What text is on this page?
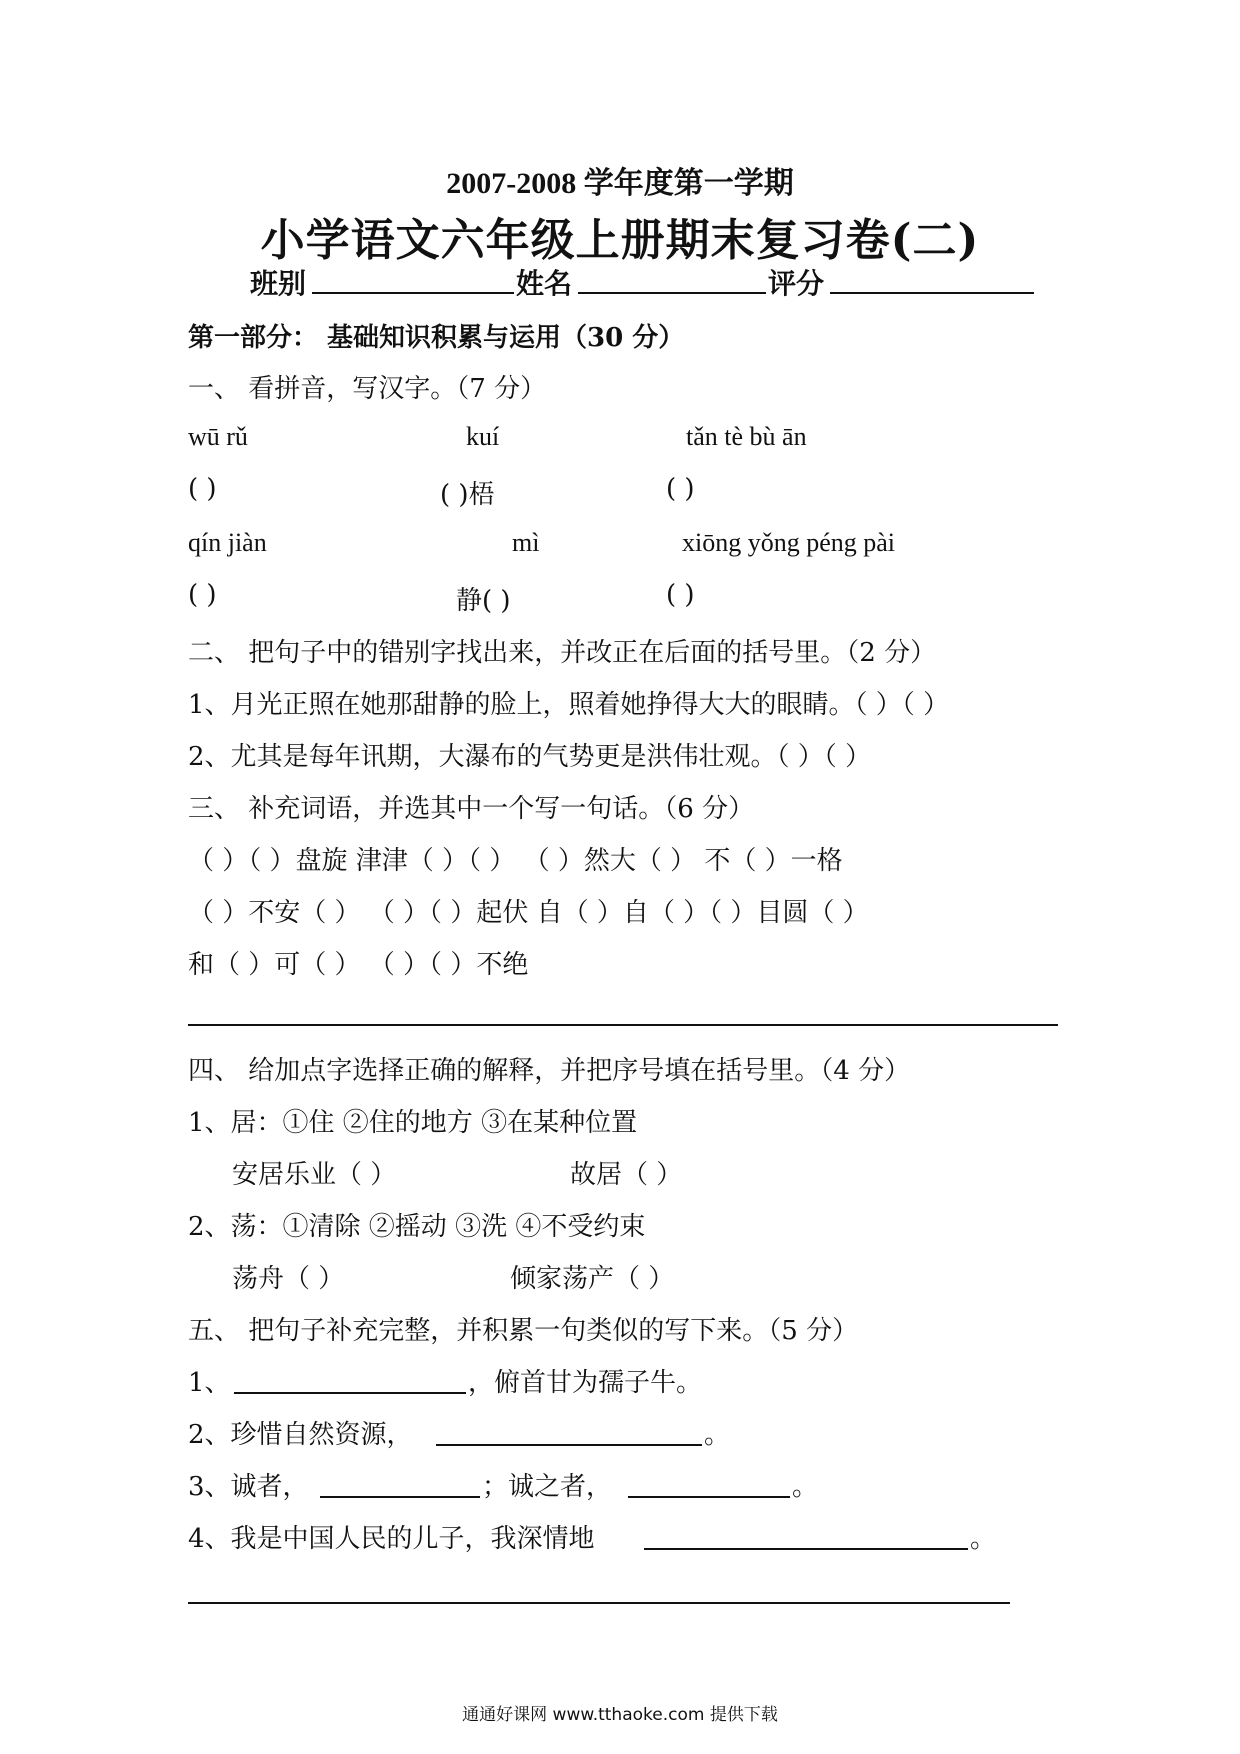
2007-2008 学年度第一学期
小学语文六年级上册期末复习卷(二)
班别	姓名	评分
第一部分： 基础知识积累与运用（30 分）
一、 看拼音，写汉字。（7 分）
wū rǔ	kuí	tǎn tè bù ān
( )	( )梧	( )
qín jiàn	mì	xiōng yǒng péng pài
( )	静( )	( )
二、 把句子中的错别字找出来，并改正在后面的括号里。（2 分）
1、月光正照在她那甜静的脸上，照着她挣得大大的眼睛。（ ）（ ）
2、尤其是每年讯期，大瀑布的气势更是洪伟壮观。（ ）（ ）
三、 补充词语，并选其中一个写一句话。（6 分）
（ ）（ ）盘旋 津津（ ）（ ） （ ）然大（ ） 不（ ）一格
（ ）不安（ ） （ ）（ ）起伏 自（ ）自（ ）（ ）目圆（ ）
和（ ）可（ ） （ ）（ ）不绝
四、 给加点字选择正确的解释，并把序号填在括号里。（4 分）
1、居：①住 ②住的地方 ③在某种位置
安居乐业（ ）	故居（ ）
2、荡：①清除 ②摇动 ③洗 ④不受约束
荡舟（ ）	倾家荡产（ ）
五、 把句子补充完整，并积累一句类似的写下来。（5 分）
1、	，俯首甘为孺子牛。
2、珍惜自然资源，	。
3、诚者，	；诚之者，	。
4、我是中国人民的儿子，我深情地	。
通通好课网 www.tthaoke.com 提供下载
